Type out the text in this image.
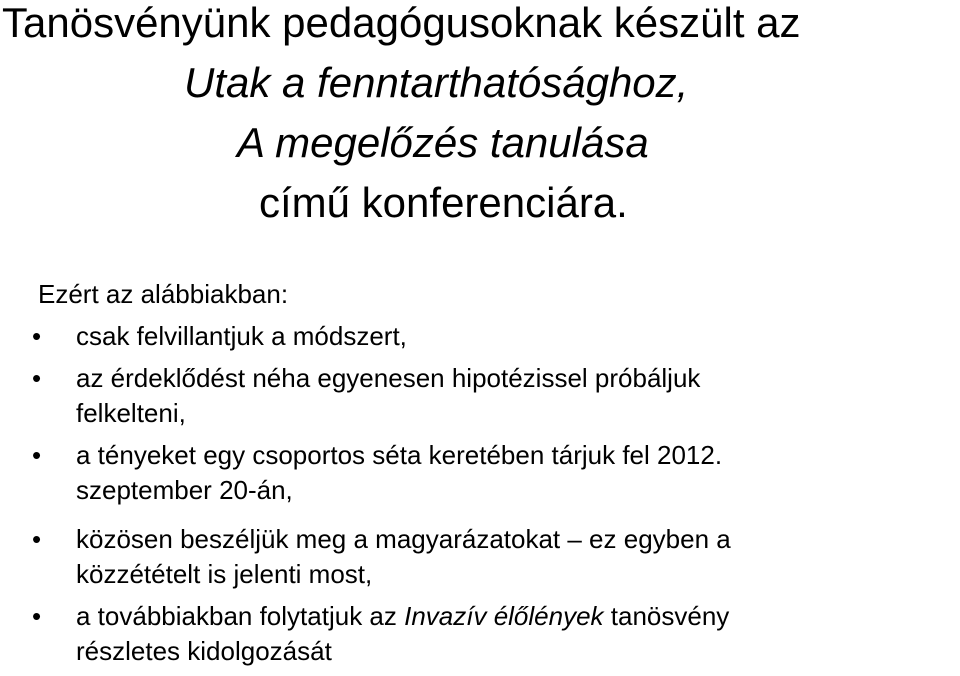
Tanösvényünk pedagógusoknak készült az
Utak a fenntarthatósághoz,
A megelőzés tanulása
című konferenciára.
Ezért az alábbiakban:
• csak felvillantjuk a módszert,
• az érdeklődést néha egyenesen hipotézissel próbáljuk
felkelteni,
• a tényeket egy csoportos séta keretében tárjuk fel 2012.
szeptember 20-án,
• közösen beszéljük meg a magyarázatokat – ez egyben a
közzétételt is jelenti most,
• a továbbiakban folytatjuk az Invazív élőlények tanösvény
részletes kidolgozását
